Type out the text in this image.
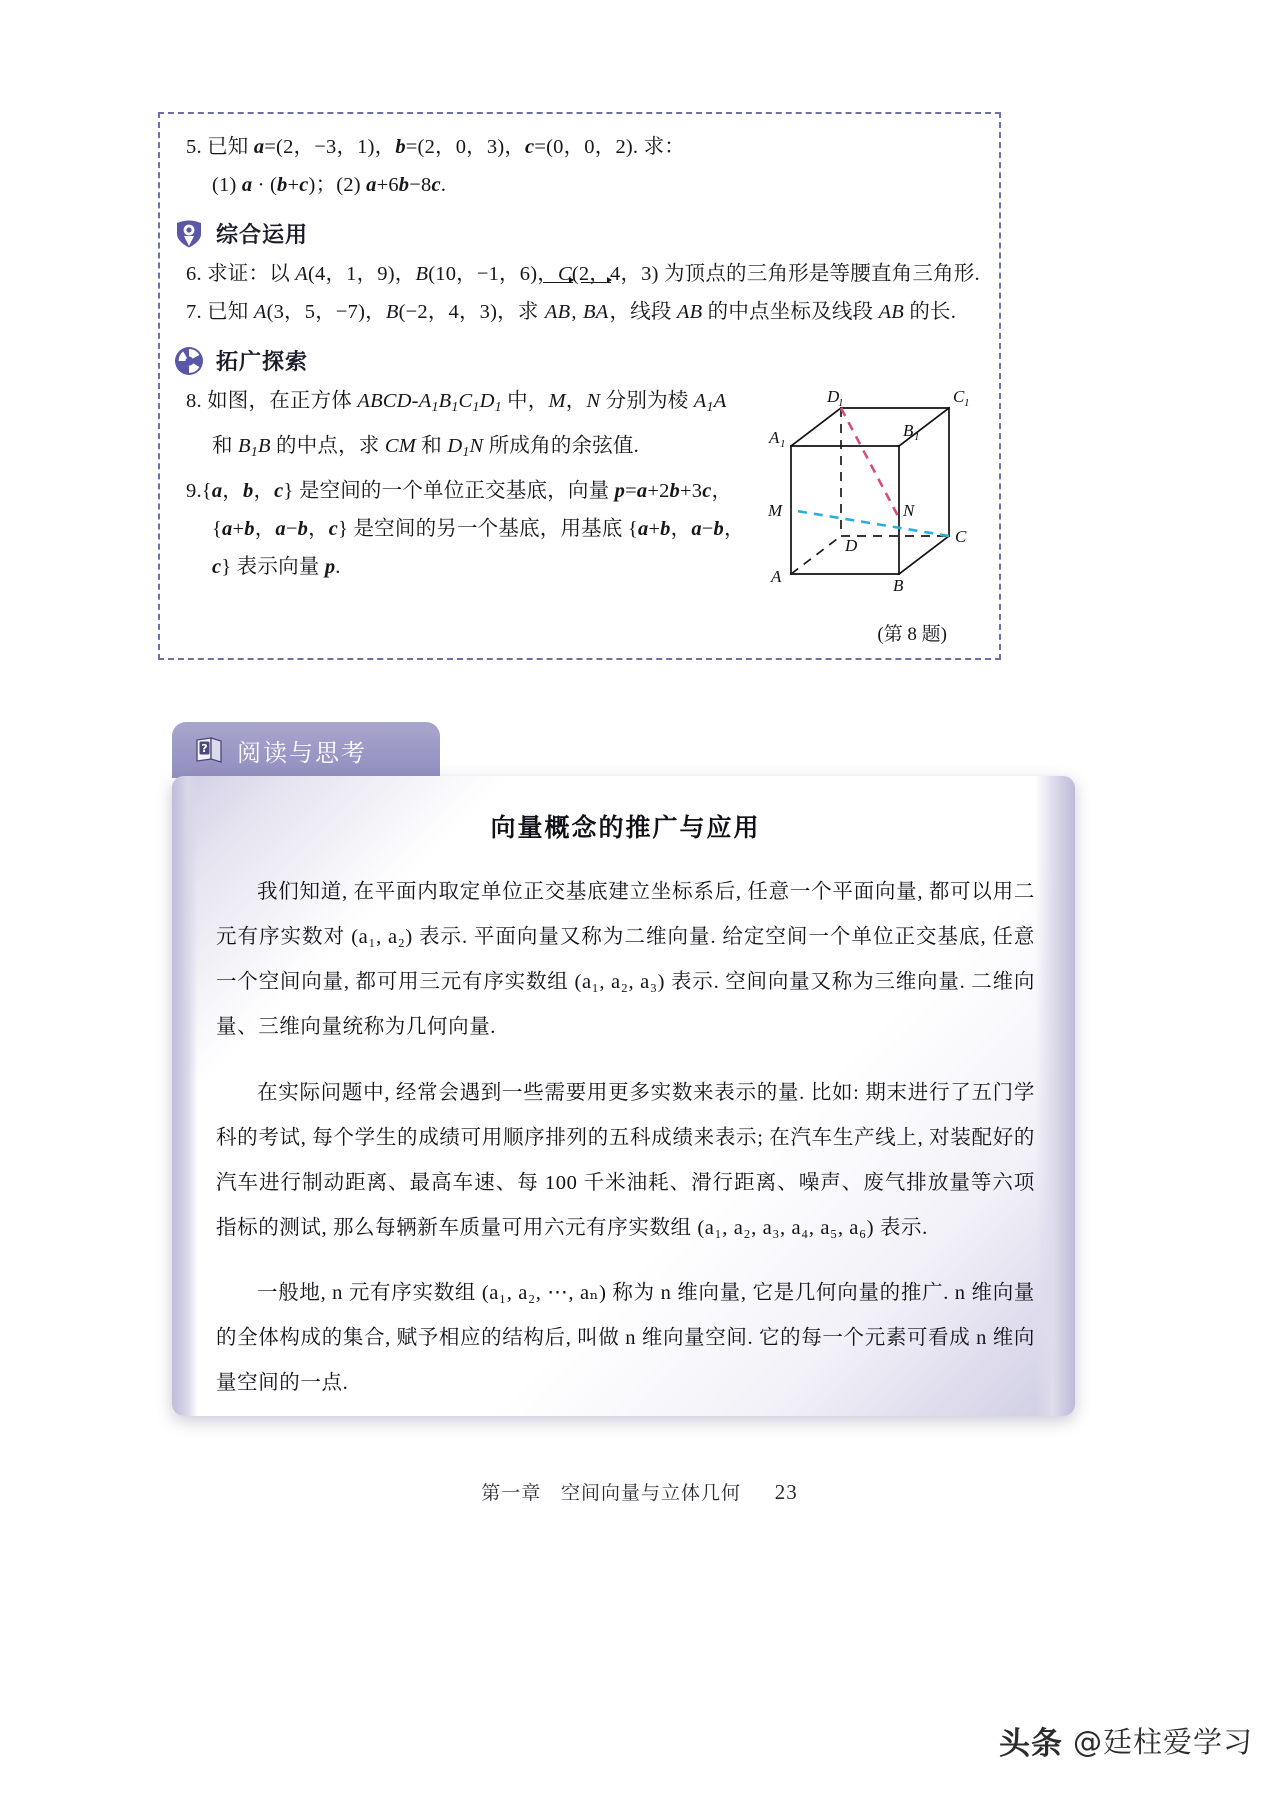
5. 已知 a=(2，−3，1)，b=(2，0，3)，c=(0，0，2). 求：
(1) a · (b+c)；(2) a+6b−8c.
综合运用
6. 求证：以 A(4，1，9)，B(10，−1，6)，C(2，4，3) 为顶点的三角形是等腰直角三角形.
7. 已知 A(3，5，−7)，B(−2，4，3)，求 AB, BA，线段 AB 的中点坐标及线段 AB 的长.
拓广探索
8. 如图，在正方体 ABCD-$A_1B_1C_1D_1$ 中，M，N 分别为棱 $A_1A$
和 $B_1B$ 的中点，求 CM 和 $D_1N$ 所成角的余弦值.
9.{a，b，c} 是空间的一个单位正交基底，向量 p=a+2b+3c，
{a+b，a−b，c} 是空间的另一个基底，用基底 {a+b，a−b，
c} 表示向量 p.
D
1	C 1
A 1
B 1
M	N
D	C
A	B
(第 8 题)
? 阅读与思考
向量概念的推广与应用

我们知道, 在平面内取定单位正交基底建立坐标系后, 任意一个平面向量, 都可以用二元有序实数对 (a₁, a₂) 表示. 平面向量又称为二维向量. 给定空间一个单位正交基底, 任意一个空间向量, 都可用三元有序实数组 (a₁, a₂, a₃) 表示. 空间向量又称为三维向量. 二维向量、三维向量统称为几何向量.

在实际问题中, 经常会遇到一些需要用更多实数来表示的量. 比如: 期末进行了五门学科的考试, 每个学生的成绩可用顺序排列的五科成绩来表示; 在汽车生产线上, 对装配好的汽车进行制动距离、最高车速、每 100 千米油耗、滑行距离、噪声、废气排放量等六项指标的测试, 那么每辆新车质量可用六元有序实数组 (a₁, a₂, a₃, a₄, a₅, a₆) 表示.

一般地, n 元有序实数组 (a₁, a₂, ⋯, aₙ) 称为 n 维向量, 它是几何向量的推广. n 维向量的全体构成的集合, 赋予相应的结构后, 叫做 n 维向量空间. 它的每一个元素可看成 n 维向量空间的一点.

第一章 空间向量与立体几何 23
头条 @廷柱爱学习
